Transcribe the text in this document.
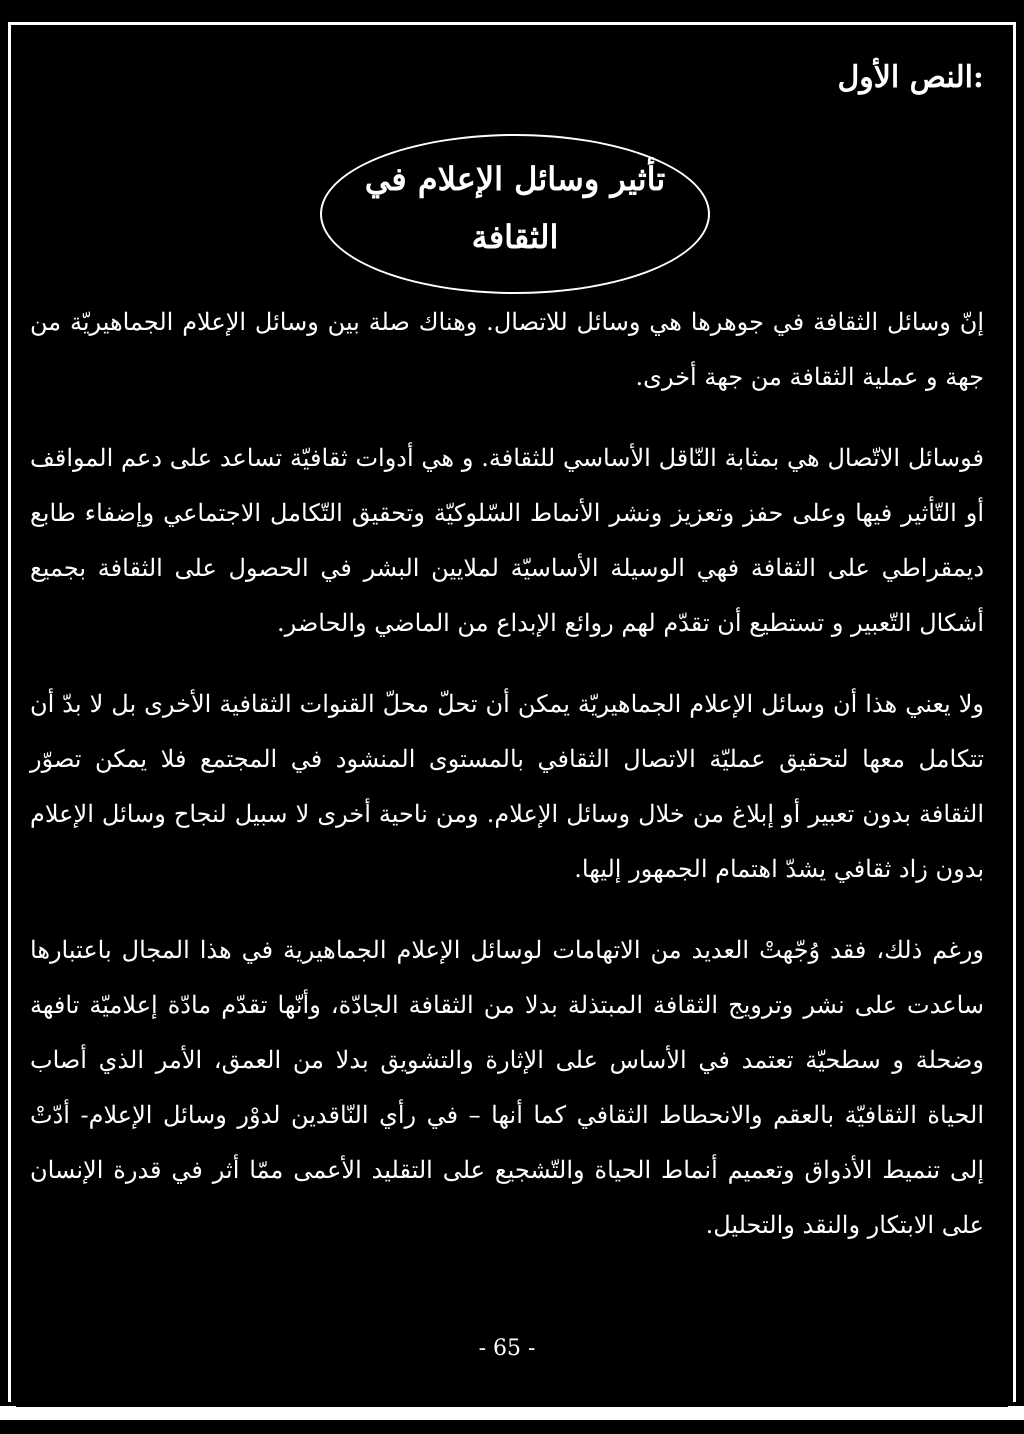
:النص الأول
تأثير وسائل الإعلام في
الثقافة

إنّ وسائل الثقافة في جوهرها هي وسائل للاتصال. وهناك صلة بين وسائل الإعلام الجماهيريّة من جهة و عملية الثقافة من جهة أخرى.

فوسائل الاتّصال هي بمثابة النّاقل الأساسي للثقافة. و هي أدوات ثقافيّة تساعد على دعم المواقف أو التّأثير فيها وعلى حفز وتعزيز ونشر الأنماط السّلوكيّة وتحقيق التّكامل الاجتماعي وإضفاء طابع ديمقراطي على الثقافة فهي الوسيلة الأساسيّة لملايين البشر في الحصول على الثقافة بجميع أشكال التّعبير و تستطيع أن تقدّم لهم روائع الإبداع من الماضي والحاضر.

ولا يعني هذا أن وسائل الإعلام الجماهيريّة يمكن أن تحلّ محلّ القنوات الثقافية الأخرى بل لا بدّ أن تتكامل معها لتحقيق عمليّة الاتصال الثقافي بالمستوى المنشود في المجتمع فلا يمكن تصوّر الثقافة بدون تعبير أو إبلاغ من خلال وسائل الإعلام. ومن ناحية أخرى لا سبيل لنجاح وسائل الإعلام بدون زاد ثقافي يشدّ اهتمام الجمهور إليها.

ورغم ذلك، فقد وُجّهتْ العديد من الاتهامات لوسائل الإعلام الجماهيرية في هذا المجال باعتبارها ساعدت على نشر وترويج الثقافة المبتذلة بدلا من الثقافة الجادّة، وأنّها تقدّم مادّة إعلاميّة تافهة وضحلة و سطحيّة تعتمد في الأساس على الإثارة والتشويق بدلا من العمق، الأمر الذي أصاب الحياة الثقافيّة بالعقم والانحطاط الثقافي كما أنها – في رأي النّاقدين لدوْر وسائل الإعلام- أدّتْ إلى تنميط الأذواق وتعميم أنماط الحياة والتّشجيع على التقليد الأعمى ممّا أثر في قدرة الإنسان على الابتكار والنقد والتحليل.

- 65 -
